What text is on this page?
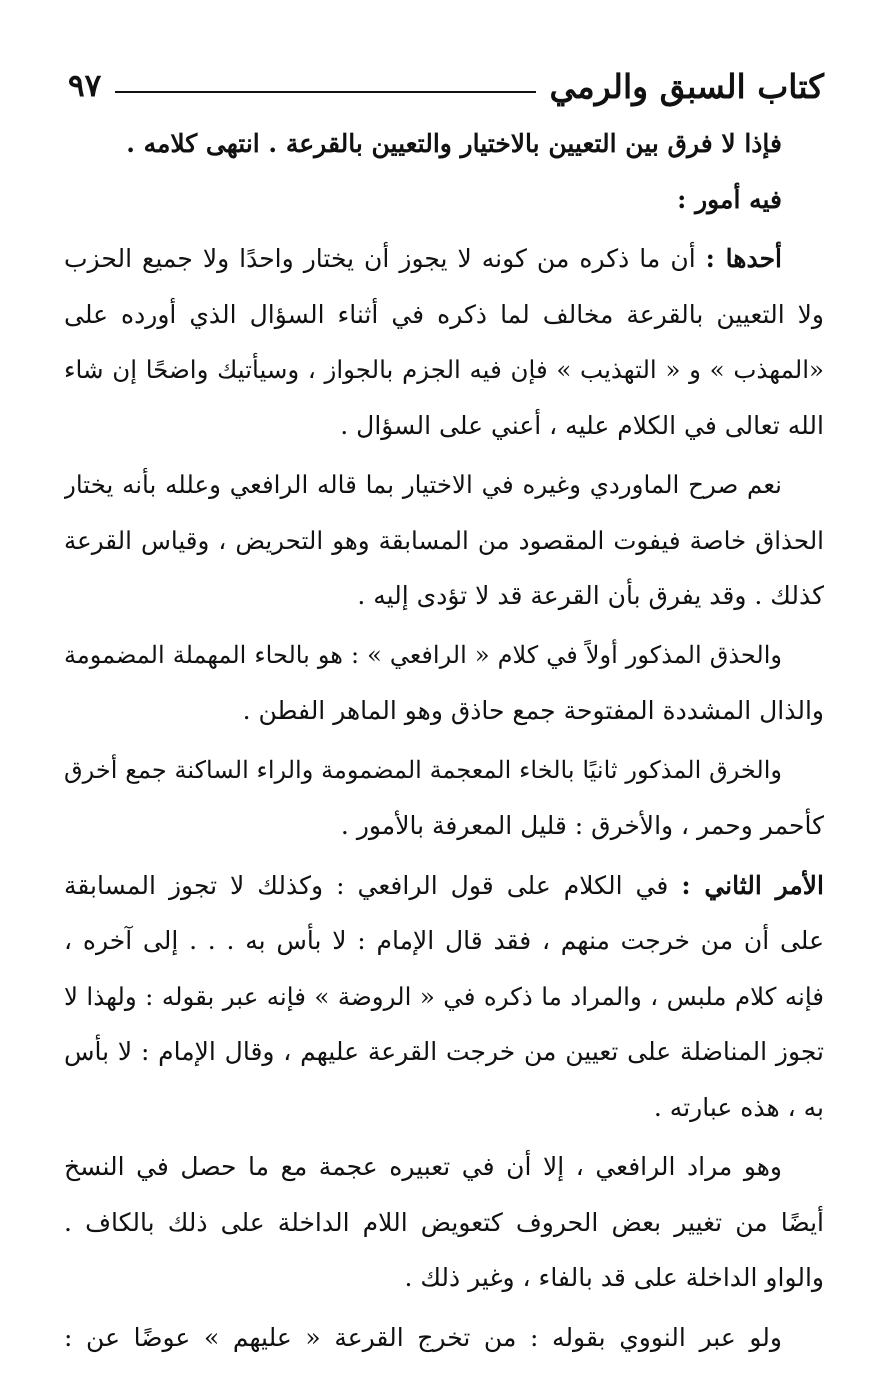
كتاب السبق والرمي
٩٧
فإذا لا فرق بين التعيين بالاختيار والتعيين بالقرعة . انتهى كلامه .
فيه أمور :
أحدها : أن ما ذكره من كونه لا يجوز أن يختار واحدًا ولا جميع الحزب
ولا التعيين بالقرعة مخالف لما ذكره في أثناء السؤال الذي أورده على
«المهذب » و « التهذيب » فإن فيه الجزم بالجواز ، وسيأتيك واضحًا إن شاء
الله تعالى في الكلام عليه ، أعني على السؤال .
نعم صرح الماوردي وغيره في الاختيار بما قاله الرافعي وعلله بأنه يختار
الحذاق خاصة فيفوت المقصود من المسابقة وهو التحريض ، وقياس القرعة
كذلك . وقد يفرق بأن القرعة قد لا تؤدى إليه .
والحذق المذكور أولاً في كلام « الرافعي » : هو بالحاء المهملة المضمومة
والذال المشددة المفتوحة جمع حاذق وهو الماهر الفطن .
والخرق المذكور ثانيًا بالخاء المعجمة المضمومة والراء الساكنة جمع أخرق
كأحمر وحمر ، والأخرق : قليل المعرفة بالأمور .
الأمر الثاني : في الكلام على قول الرافعي : وكذلك لا تجوز المسابقة
على أن من خرجت منهم ، فقد قال الإمام : لا بأس به . . . إلى آخره ،
فإنه كلام ملبس ، والمراد ما ذكره في « الروضة » فإنه عبر بقوله : ولهذا لا
تجوز المناضلة على تعيين من خرجت القرعة عليهم ، وقال الإمام : لا بأس
به ، هذه عبارته .
وهو مراد الرافعي ، إلا أن في تعبيره عجمة مع ما حصل في النسخ
أيضًا من تغيير بعض الحروف كتعويض اللام الداخلة على ذلك بالكاف .
والواو الداخلة على قد بالفاء ، وغير ذلك .
ولو عبر النووي بقوله : من تخرج القرعة « عليهم » عوضًا عن :
